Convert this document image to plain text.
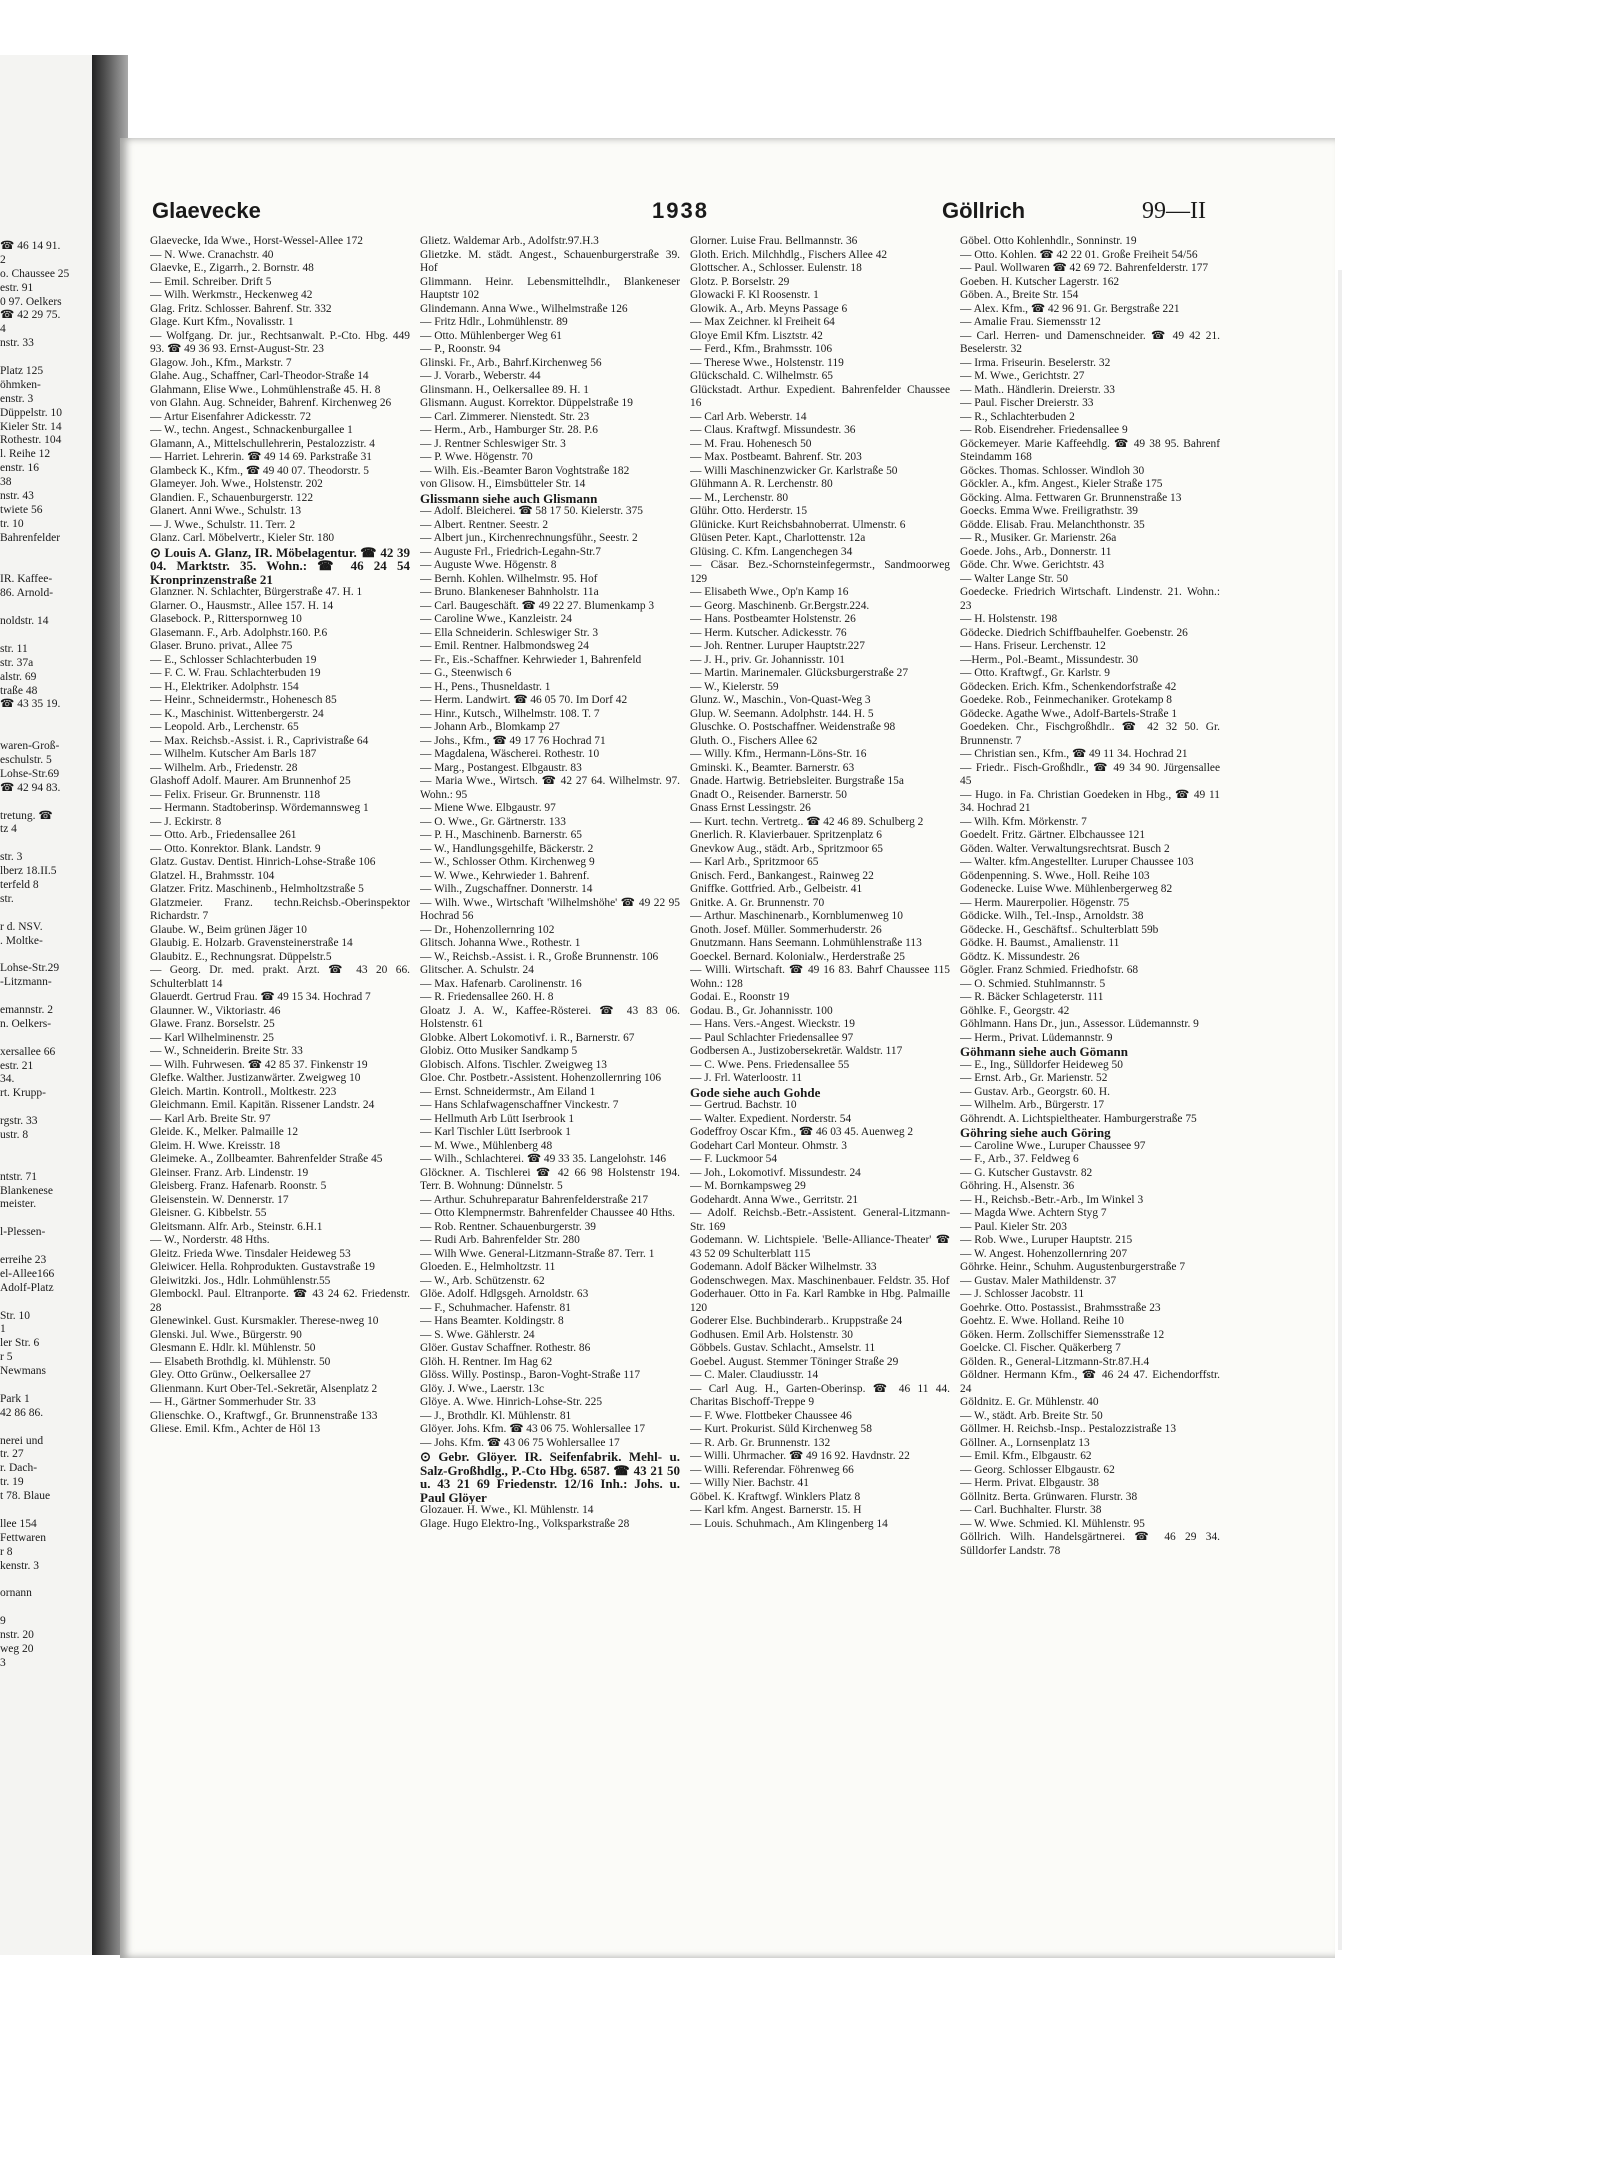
Glaevecke	1938	Göllrich	99—II
☎ 46 14 91.
2
o. Chaussee 25
estr. 91
0 97. Oelkers
☎ 42 29 75.
4
nstr. 33
Platz 125
öhmken-
enstr. 3
Düppelstr. 10
Kieler Str. 14
Rothestr. 104
l. Reihe 12
enstr. 16
38
nstr. 43
twiete 56
tr. 10
Bahrenfelder
IR. Kaffee-
86. Arnold-
noldstr. 14
str. 11
str. 37a
alstr. 69
traße 48
☎ 43 35 19.
waren-Groß-
eschulstr. 5
Lohse-Str.69
☎ 42 94 83.
tretung. ☎
tz 4
str. 3
lberz 18.II.5
terfeld 8
str.
r d. NSV.
. Moltke-
Lohse-Str.29
-Litzmann-
emannstr. 2
n. Oelkers-
xersallee 66
estr. 21
34.
rt. Krupp-
rgstr. 33
ustr. 8
ntstr. 71
Blankenese
meister.
l-Plessen-
erreihe 23
el-Allee166
Adolf-Platz
Str. 10
1
ler Str. 6
r 5
Newmans
Park 1
42 86 86.
nerei und
tr. 27
r. Dach-
tr. 19
t 78. Blaue
llee 154
Fettwaren
r 8
kenstr. 3
ornann
9
nstr. 20
weg 20
3
Glaevecke, Ida Wwe., Horst-Wessel-Allee 172
— N. Wwe. Cranachstr. 40
Glaevke, E., Zigarrh., 2. Bornstr. 48
— Emil. Schreiber. Drift 5
— Wilh. Werkmstr., Heckenweg 42
Glag. Fritz. Schlosser. Bahrenf. Str. 332
Glage. Kurt Kfm., Novalisstr. 1
— Wolfgang. Dr. jur., Rechtsanwalt. P.-Cto. Hbg. 449 93. ☎ 49 36 93. Ernst-August-Str. 23
Glagow. Joh., Kfm., Markstr. 7
Glahe. Aug., Schaffner, Carl-Theodor-Straße 14
Glahmann, Elise Wwe., Lohmühlenstraße 45. H. 8
von Glahn. Aug. Schneider, Bahrenf. Kirchenweg 26
— Artur Eisenfahrer Adickesstr. 72
— W., techn. Angest., Schnackenburgallee 1
Glamann, A., Mittelschullehrerin, Pestalozzistr. 4
— Harriet. Lehrerin. ☎ 49 14 69. Parkstraße 31
Glambeck K., Kfm., ☎ 49 40 07. Theodorstr. 5
Glameyer. Joh. Wwe., Holstenstr. 202
Glandien. F., Schauenburgerstr. 122
Glanert. Anni Wwe., Schulstr. 13
— J. Wwe., Schulstr. 11. Terr. 2
Glanz. Carl. Möbelvertr., Kieler Str. 180
⊙ Louis A. Glanz, IR. Möbelagentur. ☎ 42 39 04. Marktstr. 35. Wohn.: ☎ 46 24 54 Kronprinzenstraße 21
Glanzner. N. Schlachter, Bürgerstraße 47. H. 1
Glarner. O., Hausmstr., Allee 157. H. 14
Glasebock. P., Ritterspornweg 10
Glasemann. F., Arb. Adolphstr.160. P.6
Glaser. Bruno. privat., Allee 75
— E., Schlosser Schlachterbuden 19
— F. C. W. Frau. Schlachterbuden 19
— H., Elektriker. Adolphstr. 154
— Heinr., Schneidermstr., Hohenesch 85
— K., Maschinist. Wittenbergerstr. 24
— Leopold. Arb., Lerchenstr. 65
— Max. Reichsb.-Assist. i. R., Caprivistraße 64
— Wilhelm. Kutscher Am Barls 187
— Wilhelm. Arb., Friedenstr. 28
Glashoff Adolf. Maurer. Am Brunnenhof 25
— Felix. Friseur. Gr. Brunnenstr. 118
— Hermann. Stadtoberinsp. Wördemannsweg 1
— J. Eckirstr. 8
— Otto. Arb., Friedensallee 261
— Otto. Konrektor. Blank. Landstr. 9
Glatz. Gustav. Dentist. Hinrich-Lohse-Straße 106
Glatzel. H., Brahmsstr. 104
Glatzer. Fritz. Maschinenb., Helmholtzstraße 5
Glatzmeier. Franz. techn.Reichsb.-Oberinspektor Richardstr. 7
Glaube. W., Beim grünen Jäger 10
Glaubig. E. Holzarb. Gravensteinerstraße 14
Glaubitz. E., Rechnungsrat. Düppelstr.5
— Georg. Dr. med. prakt. Arzt. ☎ 43 20 66. Schulterblatt 14
Glauerdt. Gertrud Frau. ☎ 49 15 34. Hochrad 7
Glaunner. W., Viktoriastr. 46
Glawe. Franz. Borselstr. 25
— Karl Wilhelminenstr. 25
— W., Schneiderin. Breite Str. 33
— Wilh. Fuhrwesen. ☎ 42 85 37. Finkenstr 19
Glefke. Walther. Justizanwärter. Zweigweg 10
Gleich. Martin. Kontroll., Moltkestr. 223
Gleichmann. Emil. Kapitän. Rissener Landstr. 24
— Karl Arb. Breite Str. 97
Gleide. K., Melker. Palmaille 12
Gleim. H. Wwe. Kreisstr. 18
Gleimeke. A., Zollbeamter. Bahrenfelder Straße 45
Gleinser. Franz. Arb. Lindenstr. 19
Gleisberg. Franz. Hafenarb. Roonstr. 5
Gleisenstein. W. Dennerstr. 17
Gleisner. G. Kibbelstr. 55
Gleitsmann. Alfr. Arb., Steinstr. 6.H.1
— W., Norderstr. 48 Hths.
Gleitz. Frieda Wwe. Tinsdaler Heideweg 53
Gleiwicer. Hella. Rohprodukten. Gustavstraße 19
Gleiwitzki. Jos., Hdlr. Lohmühlenstr.55
Glembockl. Paul. Eltranporte. ☎ 43 24 62. Friedenstr. 28
Glenewinkel. Gust. Kursmakler. Therese-nweg 10
Glenski. Jul. Wwe., Bürgerstr. 90
Glesmann E. Hdlr. kl. Mühlenstr. 50
— Elsabeth Brothdlg. kl. Mühlenstr. 50
Gley. Otto Grünw., Oelkersallee 27
Glienmann. Kurt Ober-Tel.-Sekretär, Alsenplatz 2
— H., Gärtner Sommerhuder Str. 33
Glienschke. O., Kraftwgf., Gr. Brunnenstraße 133
Gliese. Emil. Kfm., Achter de Höl 13
Glietz. Waldemar Arb., Adolfstr.97.H.3
Glietzke. M. städt. Angest., Schauenburgerstraße 39. Hof
Glimmann. Heinr. Lebensmittelhdlr., Blankeneser Hauptstr 102
Glindemann. Anna Wwe., Wilhelmstraße 126
— Fritz Hdlr., Lohmühlenstr. 89
— Otto. Mühlenberger Weg 61
— P., Roonstr. 94
Glinski. Fr., Arb., Bahrf.Kirchenweg 56
— J. Vorarb., Weberstr. 44
Glinsmann. H., Oelkersallee 89. H. 1
Glismann. August. Korrektor. Düppelstraße 19
— Carl. Zimmerer. Nienstedt. Str. 23
— Herm., Arb., Hamburger Str. 28. P.6
— J. Rentner Schleswiger Str. 3
— P. Wwe. Högenstr. 70
— Wilh. Eis.-Beamter Baron Voghtstraße 182
von Glisow. H., Eimsbütteler Str. 14
Glissmann siehe auch Glismann
— Adolf. Bleicherei. ☎ 58 17 50. Kielerstr. 375
— Albert. Rentner. Seestr. 2
— Albert jun., Kirchenrechnungsführ., Seestr. 2
— Auguste Frl., Friedrich-Legahn-Str.7
— Auguste Wwe. Högenstr. 8
— Bernh. Kohlen. Wilhelmstr. 95. Hof
— Bruno. Blankeneser Bahnholstr. 11a
— Carl. Baugeschäft. ☎ 49 22 27. Blumenkamp 3
— Caroline Wwe., Kanzleistr. 24
— Ella Schneiderin. Schleswiger Str. 3
— Emil. Rentner. Halbmondsweg 24
— Fr., Eis.-Schaffner. Kehrwieder 1, Bahrenfeld
— G., Steenwisch 6
— H., Pens., Thusneldastr. 1
— Herm. Landwirt. ☎ 46 05 70. Im Dorf 42
— Hinr., Kutsch., Wilhelmstr. 108. T. 7
— Johann Arb., Blomkamp 27
— Johs., Kfm., ☎ 49 17 76 Hochrad 71
— Magdalena, Wäscherei. Rothestr. 10
— Marg., Postangest. Elbgaustr. 83
— Maria Wwe., Wirtsch. ☎ 42 27 64. Wilhelmstr. 97. Wohn.: 95
— Miene Wwe. Elbgaustr. 97
— O. Wwe., Gr. Gärtnerstr. 133
— P. H., Maschinenb. Barnerstr. 65
— W., Handlungsgehilfe, Bäckerstr. 2
— W., Schlosser Othm. Kirchenweg 9
— W. Wwe., Kehrwieder 1. Bahrenf.
— Wilh., Zugschaffner. Donnerstr. 14
— Wilh. Wwe., Wirtschaft 'Wilhelmshöhe' ☎ 49 22 95 Hochrad 56
— Dr., Hohenzollernring 102
Glitsch. Johanna Wwe., Rothestr. 1
— W., Reichsb.-Assist. i. R., Große Brunnenstr. 106
Glitscher. A. Schulstr. 24
— Max. Hafenarb. Carolinenstr. 16
— R. Friedensallee 260. H. 8
Gloatz J. A. W., Kaffee-Rösterei. ☎ 43 83 06. Holstenstr. 61
Globke. Albert Lokomotivf. i. R., Barnerstr. 67
Globiz. Otto Musiker Sandkamp 5
Globisch. Alfons. Tischler. Zweigweg 13
Gloe. Chr. Postbetr.-Assistent. Hohenzollernring 106
— Ernst. Schneidermstr., Am Eiland 1
— Hans Schlafwagenschaffner Vinckestr. 7
— Hellmuth Arb Lütt Iserbrook 1
— Karl Tischler Lütt Iserbrook 1
— M. Wwe., Mühlenberg 48
— Wilh., Schlachterei. ☎ 49 33 35. Langelohstr. 146
Glöckner. A. Tischlerei ☎ 42 66 98 Holstenstr 194. Terr. B. Wohnung: Dünnelstr. 5
— Arthur. Schuhreparatur Bahrenfelderstraße 217
— Otto Klempnermstr. Bahrenfelder Chaussee 40 Hths.
— Rob. Rentner. Schauenburgerstr. 39
— Rudi Arb. Bahrenfelder Str. 280
— Wilh Wwe. General-Litzmann-Straße 87. Terr. 1
Gloeden. E., Helmholtzstr. 11
— W., Arb. Schützenstr. 62
Glöe. Adolf. Hdlgsgeh. Arnoldstr. 63
— F., Schuhmacher. Hafenstr. 81
— Hans Beamter. Koldingstr. 8
— S. Wwe. Gählerstr. 24
Glöer. Gustav Schaffner. Rothestr. 86
Glöh. H. Rentner. Im Hag 62
Glöss. Willy. Postinsp., Baron-Voght-Straße 117
Glöy. J. Wwe., Laerstr. 13c
Glöye. A. Wwe. Hinrich-Lohse-Str. 225
— J., Brothdlr. Kl. Mühlenstr. 81
Glöyer. Johs. Kfm. ☎ 43 06 75. Wohlersallee 17
— Johs. Kfm. ☎ 43 06 75 Wohlersallee 17
⊙ Gebr. Glöyer. IR. Seifenfabrik. Mehl- u. Salz-Großhdlg., P.-Cto Hbg. 6587. ☎ 43 21 50 u. 43 21 69 Friedenstr. 12/16 Inh.: Johs. u. Paul Glöyer
Glozauer. H. Wwe., Kl. Mühlenstr. 14
Glage. Hugo Elektro-Ing., Volksparkstraße 28
Glorner. Luise Frau. Bellmannstr. 36
Gloth. Erich. Milchhdlg., Fischers Allee 42
Glottscher. A., Schlosser. Eulenstr. 18
Glotz. P. Borselstr. 29
Glowacki F. Kl Roosenstr. 1
Glowik. A., Arb. Meyns Passage 6
— Max Zeichner. kl Freiheit 64
Gloye Emil Kfm. Lisztstr. 42
— Ferd., Kfm., Brahmsstr. 106
— Therese Wwe., Holstenstr. 119
Glückschald. C. Wilhelmstr. 65
Glückstadt. Arthur. Expedient. Bahrenfelder Chaussee 16
— Carl Arb. Weberstr. 14
— Claus. Kraftwgf. Missundestr. 36
— M. Frau. Hohenesch 50
— Max. Postbeamt. Bahrenf. Str. 203
— Willi Maschinenzwicker Gr. Karlstraße 50
Glühmann A. R. Lerchenstr. 80
— M., Lerchenstr. 80
Glühr. Otto. Herderstr. 15
Glünicke. Kurt Reichsbahnoberrat. Ulmenstr. 6
Glüsen Peter. Kapt., Charlottenstr. 12a
Glüsing. C. Kfm. Langenchegen 34
— Cäsar. Bez.-Schornsteinfegermstr., Sandmoorweg 129
— Elisabeth Wwe., Op'n Kamp 16
— Georg. Maschinenb. Gr.Bergstr.224.
— Hans. Postbeamter Holstenstr. 26
— Herm. Kutscher. Adickesstr. 76
— Joh. Rentner. Luruper Hauptstr.227
— J. H., priv. Gr. Johannisstr. 101
— Martin. Marinemaler. Glücksburgerstraße 27
— W., Kielerstr. 59
Glunz. W., Maschin., Von-Quast-Weg 3
Glup. W. Seemann. Adolphstr. 144. H. 5
Gluschke. O. Postschaffner. Weidenstraße 98
Gluth. O., Fischers Allee 62
— Willy. Kfm., Hermann-Löns-Str. 16
Gminski. K., Beamter. Barnerstr. 63
Gnade. Hartwig. Betriebsleiter. Burgstraße 15a
Gnadt O., Reisender. Barnerstr. 50
Gnass Ernst Lessingstr. 26
— Kurt. techn. Vertretg.. ☎ 42 46 89. Schulberg 2
Gnerlich. R. Klavierbauer. Spritzenplatz 6
Gnevkow Aug., städt. Arb., Spritzmoor 65
— Karl Arb., Spritzmoor 65
Gnisch. Ferd., Bankangest., Rainweg 22
Gniffke. Gottfried. Arb., Gelbeistr. 41
Gnitke. A. Gr. Brunnenstr. 70
— Arthur. Maschinenarb., Kornblumenweg 10
Gnoth. Josef. Müller. Sommerhuderstr. 26
Gnutzmann. Hans Seemann. Lohmühlenstraße 113
Goeckel. Bernard. Kolonialw., Herderstraße 25
— Willi. Wirtschaft. ☎ 49 16 83. Bahrf Chaussee 115 Wohn.: 128
Godai. E., Roonstr 19
Godau. B., Gr. Johannisstr. 100
— Hans. Vers.-Angest. Wieckstr. 19
— Paul Schlachter Friedensallee 97
Godbersen A., Justizobersekretär. Waldstr. 117
— C. Wwe. Pens. Friedensallee 55
— J. Frl. Waterloostr. 11
Gode siehe auch Gohde
— Gertrud. Bachstr. 10
— Walter. Expedient. Norderstr. 54
Godeffroy Oscar Kfm., ☎ 46 03 45. Auenweg 2
Godehart Carl Monteur. Ohmstr. 3
— F. Luckmoor 54
— Joh., Lokomotivf. Missundestr. 24
— M. Bornkampsweg 29
Godehardt. Anna Wwe., Gerritstr. 21
— Adolf. Reichsb.-Betr.-Assistent. General-Litzmann-Str. 169
Godemann. W. Lichtspiele. 'Belle-Alliance-Theater' ☎ 43 52 09 Schulterblatt 115
Godemann. Adolf Bäcker Wilhelmstr. 33
Godenschwegen. Max. Maschinenbauer. Feldstr. 35. Hof
Goderhauer. Otto in Fa. Karl Rambke in Hbg. Palmaille 120
Goderer Else. Buchbinderarb.. Kruppstraße 24
Godhusen. Emil Arb. Holstenstr. 30
Göbbels. Gustav. Schlacht., Amselstr. 11
Goebel. August. Stemmer Töninger Straße 29
— C. Maler. Claudiusstr. 14
— Carl Aug. H., Garten-Oberinsp. ☎ 46 11 44. Charitas Bischoff-Treppe 9
— F. Wwe. Flottbeker Chaussee 46
— Kurt. Prokurist. Süld Kirchenweg 58
— R. Arb. Gr. Brunnenstr. 132
— Willi. Uhrmacher. ☎ 49 16 92. Havdnstr. 22
— Willi. Referendar. Föhrenweg 66
— Willy Nier. Bachstr. 41
Göbel. K. Kraftwgf. Winklers Platz 8
— Karl kfm. Angest. Barnerstr. 15. H
— Louis. Schuhmach., Am Klingenberg 14
Göbel. Otto Kohlenhdlr., Sonninstr. 19
— Otto. Kohlen. ☎ 42 22 01. Große Freiheit 54/56
— Paul. Wollwaren ☎ 42 69 72. Bahrenfelderstr. 177
Goeben. H. Kutscher Lagerstr. 162
Göben. A., Breite Str. 154
— Alex. Kfm., ☎ 42 96 91. Gr. Bergstraße 221
— Amalie Frau. Siemensstr 12
— Carl. Herren- und Damenschneider. ☎ 49 42 21. Beselerstr. 32
— Irma. Friseurin. Beselerstr. 32
— M. Wwe., Gerichtstr. 27
— Math.. Händlerin. Dreierstr. 33
— Paul. Fischer Dreierstr. 33
— R., Schlachterbuden 2
— Rob. Eisendreher. Friedensallee 9
Göckemeyer. Marie Kaffeehdlg. ☎ 49 38 95. Bahrenf Steindamm 168
Göckes. Thomas. Schlosser. Windloh 30
Göckler. A., kfm. Angest., Kieler Straße 175
Göcking. Alma. Fettwaren Gr. Brunnenstraße 13
Goecks. Emma Wwe. Freiligrathstr. 39
Gödde. Elisab. Frau. Melanchthonstr. 35
— R., Musiker. Gr. Marienstr. 26a
Goede. Johs., Arb., Donnerstr. 11
Göde. Chr. Wwe. Gerichtstr. 43
— Walter Lange Str. 50
Goedecke. Friedrich Wirtschaft. Lindenstr. 21. Wohn.: 23
— H. Holstenstr. 198
Gödecke. Diedrich Schiffbauhelfer. Goebenstr. 26
— Hans. Friseur. Lerchenstr. 12
—Herm., Pol.-Beamt., Missundestr. 30
— Otto. Kraftwgf., Gr. Karlstr. 9
Gödecken. Erich. Kfm., Schenkendorfstraße 42
Goedeke. Rob., Feinmechaniker. Grotekamp 8
Gödecke. Agathe Wwe., Adolf-Bartels-Straße 1
Goedeken. Chr., Fischgroßhdlr.. ☎ 42 32 50. Gr. Brunnenstr. 7
— Christian sen., Kfm., ☎ 49 11 34. Hochrad 21
— Friedr.. Fisch-Großhdlr., ☎ 49 34 90. Jürgensallee 45
— Hugo. in Fa. Christian Goedeken in Hbg., ☎ 49 11 34. Hochrad 21
— Wilh. Kfm. Mörkenstr. 7
Goedelt. Fritz. Gärtner. Elbchaussee 121
Göden. Walter. Verwaltungsrechtsrat. Busch 2
— Walter. kfm.Angestellter. Luruper Chaussee 103
Gödenpenning. S. Wwe., Holl. Reihe 103
Godenecke. Luise Wwe. Mühlenbergerweg 82
— Herm. Maurerpolier. Högenstr. 75
Gödicke. Wilh., Tel.-Insp., Arnoldstr. 38
Gödecke. H., Geschäftsf.. Schulterblatt 59b
Gödke. H. Baumst., Amalienstr. 11
Gödtz. K. Missundestr. 26
Gögler. Franz Schmied. Friedhofstr. 68
— O. Schmied. Stuhlmannstr. 5
— R. Bäcker Schlageterstr. 111
Göhlke. F., Georgstr. 42
Göhlmann. Hans Dr., jun., Assessor. Lüdemannstr. 9
— Herm., Privat. Lüdemannstr. 9
Göhmann siehe auch Gömann
— E., Ing., Sülldorfer Heideweg 50
— Ernst. Arb., Gr. Marienstr. 52
— Gustav. Arb., Georgstr. 60. H.
— Wilhelm. Arb., Bürgerstr. 17
Göhrendt. A. Lichtspieltheater. Hamburgerstraße 75
Göhring siehe auch Göring
— Caroline Wwe., Luruper Chaussee 97
— F., Arb., 37. Feldweg 6
— G. Kutscher Gustavstr. 82
Göhring. H., Alsenstr. 36
— H., Reichsb.-Betr.-Arb., Im Winkel 3
— Magda Wwe. Achtern Styg 7
— Paul. Kieler Str. 203
— Rob. Wwe., Luruper Hauptstr. 215
— W. Angest. Hohenzollernring 207
Göhrke. Heinr., Schuhm. Augustenburgerstraße 7
— Gustav. Maler Mathildenstr. 37
— J. Schlosser Jacobstr. 11
Goehrke. Otto. Postassist., Brahmsstraße 23
Goehtz. E. Wwe. Holland. Reihe 10
Göken. Herm. Zollschiffer Siemensstraße 12
Goelcke. Cl. Fischer. Quäkerberg 7
Gölden. R., General-Litzmann-Str.87.H.4
Göldner. Hermann Kfm., ☎ 46 24 47. Eichendorffstr. 24
Göldnitz. E. Gr. Mühlenstr. 40
— W., städt. Arb. Breite Str. 50
Göllmer. H. Reichsb.-Insp.. Pestalozzistraße 13
Göllner. A., Lornsenplatz 13
— Emil. Kfm., Elbgaustr. 62
— Georg. Schlosser Elbgaustr. 62
— Herm. Privat. Elbgaustr. 38
Göllnitz. Berta. Grünwaren. Flurstr. 38
— Carl. Buchhalter. Flurstr. 38
— W. Wwe. Schmied. Kl. Mühlenstr. 95
Göllrich. Wilh. Handelsgärtnerei. ☎ 46 29 34. Sülldorfer Landstr. 78
